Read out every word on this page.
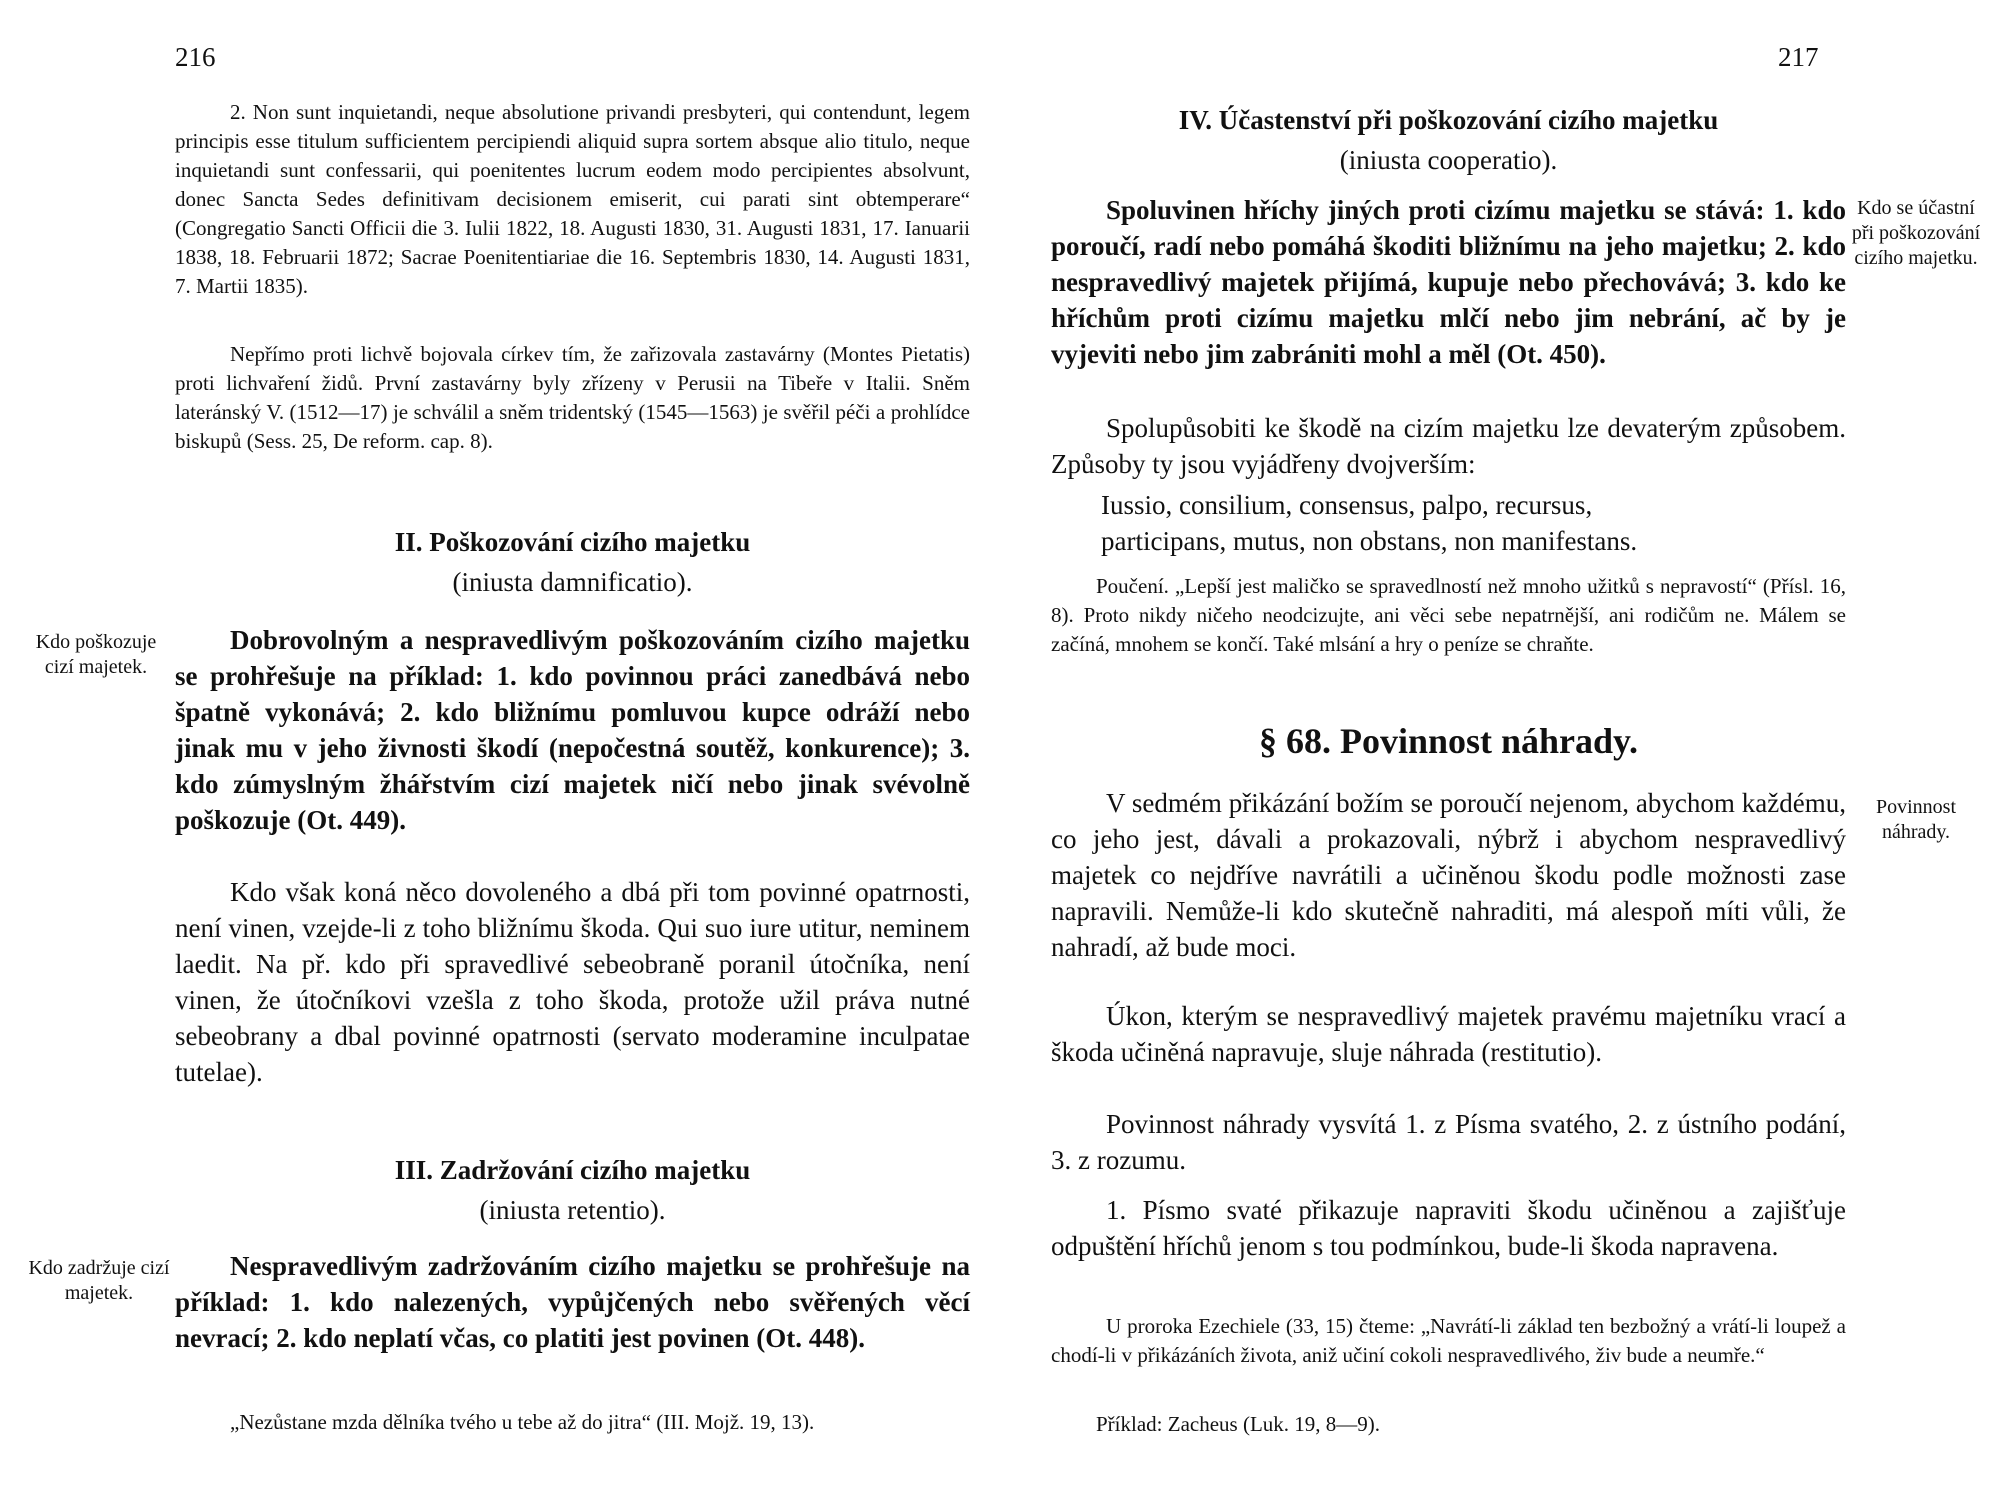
216

2. Non sunt inquietandi, neque absolutione privandi presbyteri, qui contendunt, legem principis esse titulum sufficientem percipiendi aliquid supra sortem absque alio titulo, neque inquietandi sunt confessarii, qui poenitentes lucrum eodem modo percipientes absolvunt, donec Sancta Sedes definitivam decisionem emiserit, cui parati sint obtemperare“ (Congregatio Sancti Officii die 3. Iulii 1822, 18. Augusti 1830, 31. Augusti 1831, 17. Ianuarii 1838, 18. Februarii 1872; Sacrae Poenitentiariae die 16. Septembris 1830, 14. Augusti 1831, 7. Martii 1835).

Nepřímo proti lichvě bojovala církev tím, že zařizovala zastavárny (Montes Pietatis) proti lichvaření židů. První zastavárny byly zřízeny v Perusii na Tibeře v Italii. Sněm lateránský V. (1512—17) je schválil a sněm tridentský (1545—1563) je svěřil péči a prohlídce biskupů (Sess. 25, De reform. cap. 8).

II. Poškozování cizího majetku
(iniusta damnificatio).
Kdo poškozuje cizí majetek.

Dobrovolným a nespravedlivým poškozováním cizího majetku se prohřešuje na příklad: 1. kdo povinnou práci zanedbává nebo špatně vykonává; 2. kdo bližnímu pomluvou kupce odráží nebo jinak mu v jeho živnosti škodí (nepočestná soutěž, konkurence); 3. kdo zúmyslným žhářstvím cizí majetek ničí nebo jinak svévolně poškozuje (Ot. 449).

Kdo však koná něco dovoleného a dbá při tom povinné opatrnosti, není vinen, vzejde-li z toho bližnímu škoda. Qui suo iure utitur, neminem laedit. Na př. kdo při spravedlivé sebeobraně poranil útočníka, není vinen, že útočníkovi vzešla z toho škoda, protože užil práva nutné sebeobrany a dbal povinné opatrnosti (servato moderamine inculpatae tutelae).

III. Zadržování cizího majetku
(iniusta retentio).
Kdo zadržuje cizí majetek.

Nespravedlivým zadržováním cizího majetku se prohřešuje na příklad: 1. kdo nalezených, vypůjčených nebo svěřených věcí nevrací; 2. kdo neplatí včas, co platiti jest povinen (Ot. 448).

„Nezůstane mzda dělníka tvého u tebe až do jitra“ (III. Mojž. 19, 13).

217
IV. Účastenství při poškozování cizího majetku
(iniusta cooperatio).

Spoluvinen hříchy jiných proti cizímu majetku se stává: 1. kdo poroučí, radí nebo pomáhá škoditi bližnímu na jeho majetku; 2. kdo nespravedlivý majetek přijímá, kupuje nebo přechovává; 3. kdo ke hříchům proti cizímu majetku mlčí nebo jim nebrání, ač by je vyjeviti nebo jim zabrániti mohl a měl (Ot. 450).

Kdo se účastní při poškozování cizího majetku.

Spolupůsobiti ke škodě na cizím majetku lze devaterým způsobem. Způsoby ty jsou vyjádřeny dvojverším:

Iussio, consilium, consensus, palpo, recursus,
participans, mutus, non obstans, non manifestans.

Poučení. „Lepší jest maličko se spravedlností než mnoho užitků s nepravostí“ (Přísl. 16, 8). Proto nikdy ničeho neodcizujte, ani věci sebe nepatrnější, ani rodičům ne. Málem se začíná, mnohem se končí. Také mlsání a hry o peníze se chraňte.

§ 68. Povinnost náhrady.
Povinnost náhrady.

V sedmém přikázání božím se poroučí nejenom, abychom každému, co jeho jest, dávali a prokazovali, nýbrž i abychom nespravedlivý majetek co nejdříve navrátili a učiněnou škodu podle možnosti zase napravili. Nemůže-li kdo skutečně nahraditi, má alespoň míti vůli, že nahradí, až bude moci.

Úkon, kterým se nespravedlivý majetek pravému majetníku vrací a škoda učiněná napravuje, sluje náhrada (restitutio).

Povinnost náhrady vysvítá 1. z Písma svatého, 2. z ústního podání, 3. z rozumu.

1. Písmo svaté přikazuje napraviti škodu učiněnou a zajišťuje odpuštění hříchů jenom s tou podmínkou, bude-li škoda napravena.

U proroka Ezechiele (33, 15) čteme: „Navrátí-li základ ten bezbožný a vrátí-li loupež a chodí-li v přikázáních života, aniž učiní cokoli nespravedlivého, živ bude a neumře.“

Příklad: Zacheus (Luk. 19, 8—9).
